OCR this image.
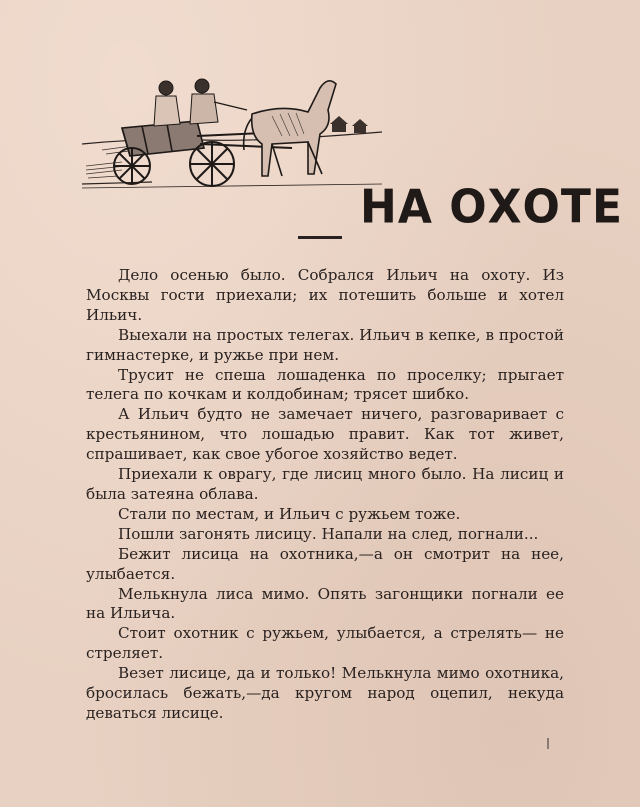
НА ОХОТЕ

Дело осенью было. Собрался Ильич на охоту. Из Москвы гости приехали; их потешить больше и хотел Ильич.

Выехали на простых телегах. Ильич в кепке, в простой гимнастерке, и ружье при нем.

Трусит не спеша лошаденка по проселку; прыгает телега по кочкам и колдобинам; трясет шибко.

А Ильич будто не замечает ничего, разговаривает с крестьянином, что лошадью правит. Как тот живет, спрашивает, как свое убогое хозяйство ведет.

Приехали к оврагу, где лисиц много было. На лисиц и была затеяна облава.

Стали по местам, и Ильич с ружьем тоже.

Пошли загонять лисицу. Напали на след, погнали...

Бежит лисица на охотника,—а он смотрит на нее, улыбается.

Мелькнула лиса мимо. Опять загонщики погнали ее на Ильича.

Стоит охотник с ружьем, улыбается, а стрелять— не стреляет.

Везет лисице, да и только! Мелькнула мимо охотника, бросилась бежать,—да кругом народ оцепил, некуда деваться лисице.
